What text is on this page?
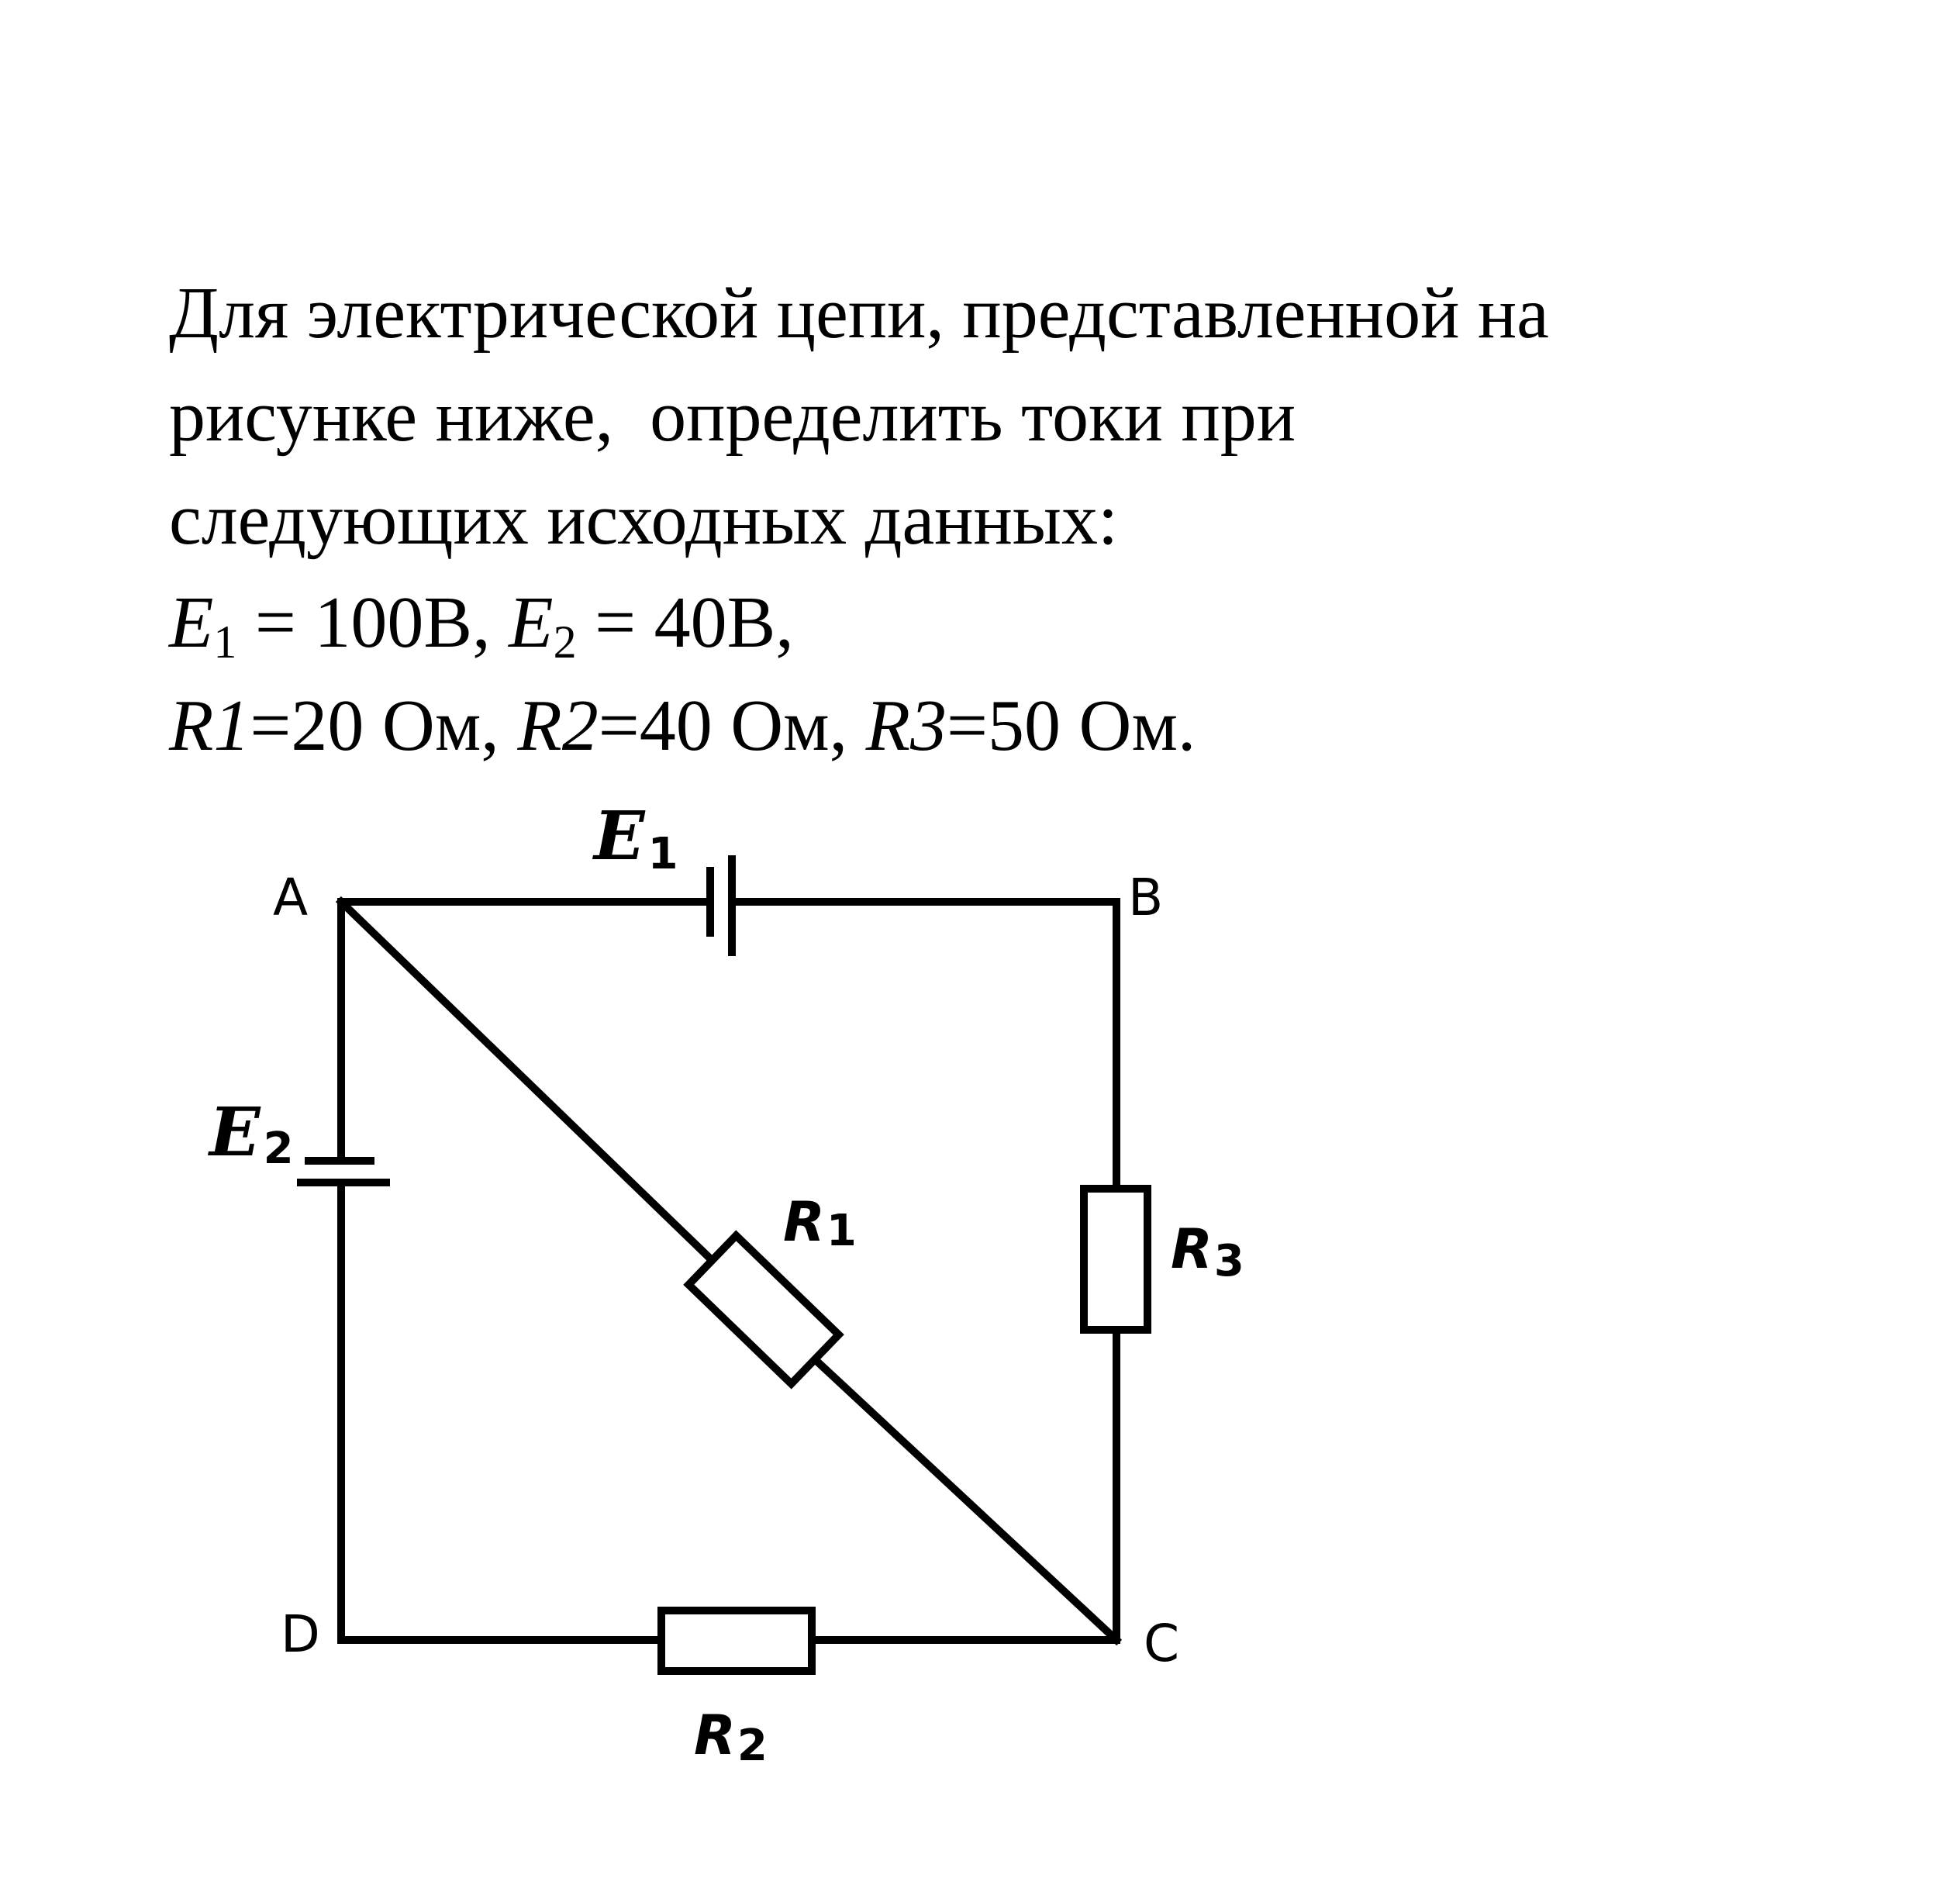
Для электрической цепи, представленной на
рисунке ниже,  определить токи при
следующих исходных данных:
$E_1 = 100В$, $E_2 = 40В$,
R1=20 Ом, R2=40 Ом, R3=50 Ом.
A	B
C
D
E1
E2
R1	R3
R2
